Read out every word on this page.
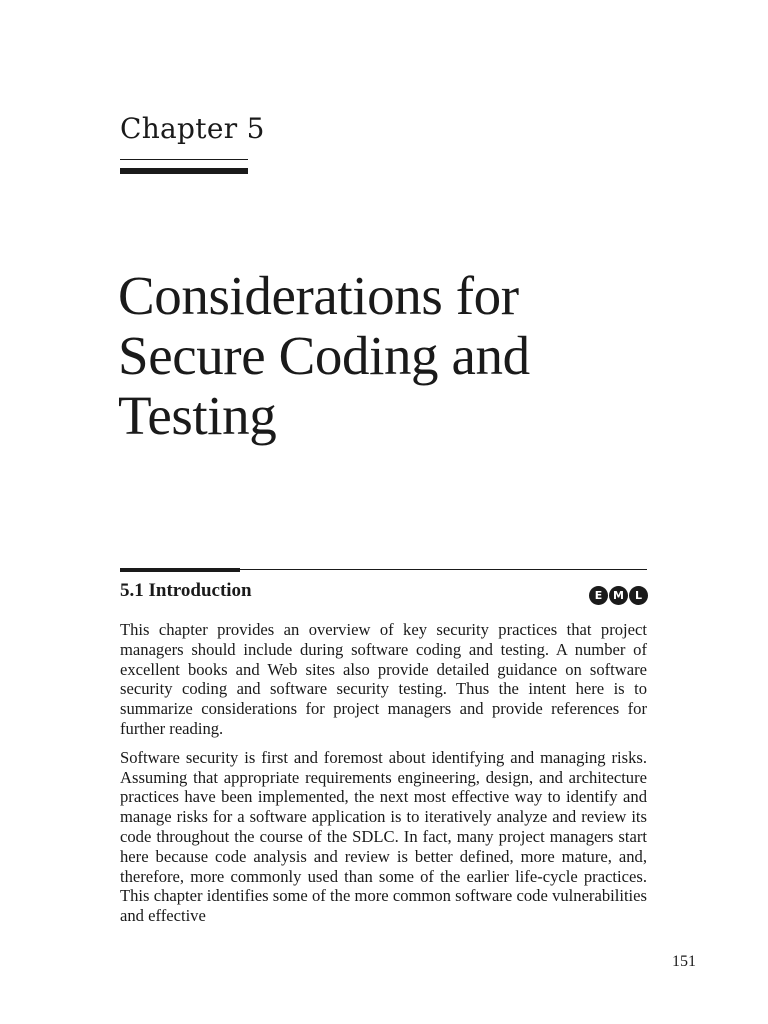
Chapter 5
Considerations for Secure Coding and Testing
5.1 Introduction	E M	L

This chapter provides an overview of key security practices that project managers should include during software coding and testing. A number of excellent books and Web sites also provide detailed guidance on software security coding and software security testing. Thus the intent here is to summarize considerations for project managers and provide references for further reading.

Software security is first and foremost about identifying and managing risks. Assuming that appropriate requirements engineering, design, and architecture practices have been implemented, the next most effective way to identify and manage risks for a software application is to iteratively analyze and review its code throughout the course of the SDLC. In fact, many project managers start here because code analysis and review is better defined, more mature, and, therefore, more commonly used than some of the earlier life-cycle practices. This chapter identifies some of the more common software code vulnerabilities and effective

151
